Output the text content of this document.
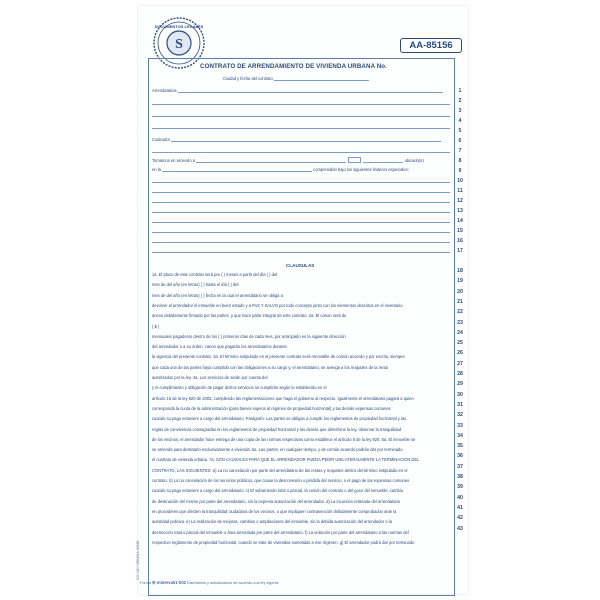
S
DOCUMENTOS LEGALES
AA-85156
CONTRATO DE ARRENDAMIENTO DE VIVIENDA URBANA No.
Ciudad y fecha del contrato
Arrendatarios
Codeudor
Tomamos en arriendo a	ubicado(s)
en la	comprendido bajo los siguientes linderos especiales:
CLAUSULAS
1a. El plazo de este contrato será por ( ) meses a partir del día ( ) del
mes de del año (en letras) ( ) hasta el día ( ) del
mes de del año (en letras) ( ) fecha en la cual el arrendatario se obliga a
devolver al arrendador el inmueble en buen estado y a PAZ Y SALVO por todo concepto junto con los elementos descritos en el inventario
anexo debidamente firmado por las partes, y que hace parte integral de este contrato. 2a. El canon será de
( $ )
mensuales pagaderos dentro de los ( ) primeros días de cada mes, por anticipado en la siguiente dirección
del arrendador o a su orden, canon que pagarán los arrendatarios durante
la vigencia del presente contrato. 3a. El término estipulado en el presente contrato será renovable de común acuerdo y por escrito, siempre
que cada una de las partes haya cumplido con las obligaciones a su cargo y, el arrendatario, se avenga a los reajustes de la renta
autorizados por la ley. 4a. Los servicios de serán por cuenta del
y el cumplimiento y obligación de pagar dichos servicios se cumplirán según lo establecido en el
artículo 15 de la ley 820 de 2003, cumpliendo las reglamentaciones que haga el gobierno al respecto. Igualmente el arrendatario pagará a quien
corresponda la cuota de la administración (para bienes sujetos al régimen de propiedad horizontal) y las demás expensas comunes
cuando su pago estuviere a cargo del arrendatario. Parágrafo: Las partes se obligan a cumplir los reglamentos de propiedad horizontal y las
reglas de convivencia consagradas en los reglamentos de propiedad horizontal y las demás que determine la ley, observar la tranquilidad
de los vecinos; el arrendador hace entrega de una copia de las normas respectivas como establece el artículo 8 de la ley 820. 5a. El inmueble se
se arrienda para destinarlo exclusivamente a vivienda. 6a. Las partes, en cualquier tiempo, y de común acuerdo podrán dar por terminado
el contrato de vivienda urbana. 7a. SON CAUSALES PARA QUE EL ARRENDADOR PUEDA PEDIR UNILATERALMENTE LA TERMINACIÓN DEL
CONTRATO, LAS SIGUIENTES: a) La no cancelación por parte del arrendatario de las rentas y reajustes dentro del término estipulado en el
contrato. b) La no cancelación de los servicios públicos, que cause la desconexión o pérdida del servicio, o el pago de las expensas comunes
cuando su pago estuviere a cargo del arrendatario. c) El subarriendo total o parcial, la cesión del contrato o del goce del inmueble, cambio
de destinación del mismo por parte del arrendatario, sin la expresa autorización del arrendador. d) La incursión reiterada del arrendatario
en procederes que afecten la tranquilidad ciudadana de los vecinos, o que impliquen contravención debidamente comprobados ante la
autoridad policiva. e) La realización de mejoras, cambios o ampliaciones del inmueble, sin la debida autorización del arrendador o la
destrucción total o parcial del inmueble o área arrendada por parte del arrendatario. f) La violación por parte del arrendatario a las normas del
respectivo reglamento de propiedad horizontal, cuando se trate de viviendas sometidas a ese régimen. g) El arrendador podrá dar por terminado
1
2
3
4
5
6
7
8
9
10
11
12
13
14
15
16
17
18
19
20
21
22
23
24
25
26
27
28
29
30
31
32
33
34
35
36
37
38
39
40
41
42
43
CO 1420 URBANA /ARAB
Forma ☰ minerva01-002 Diseñamos y actualizamos de acuerdo a la ley vigente
